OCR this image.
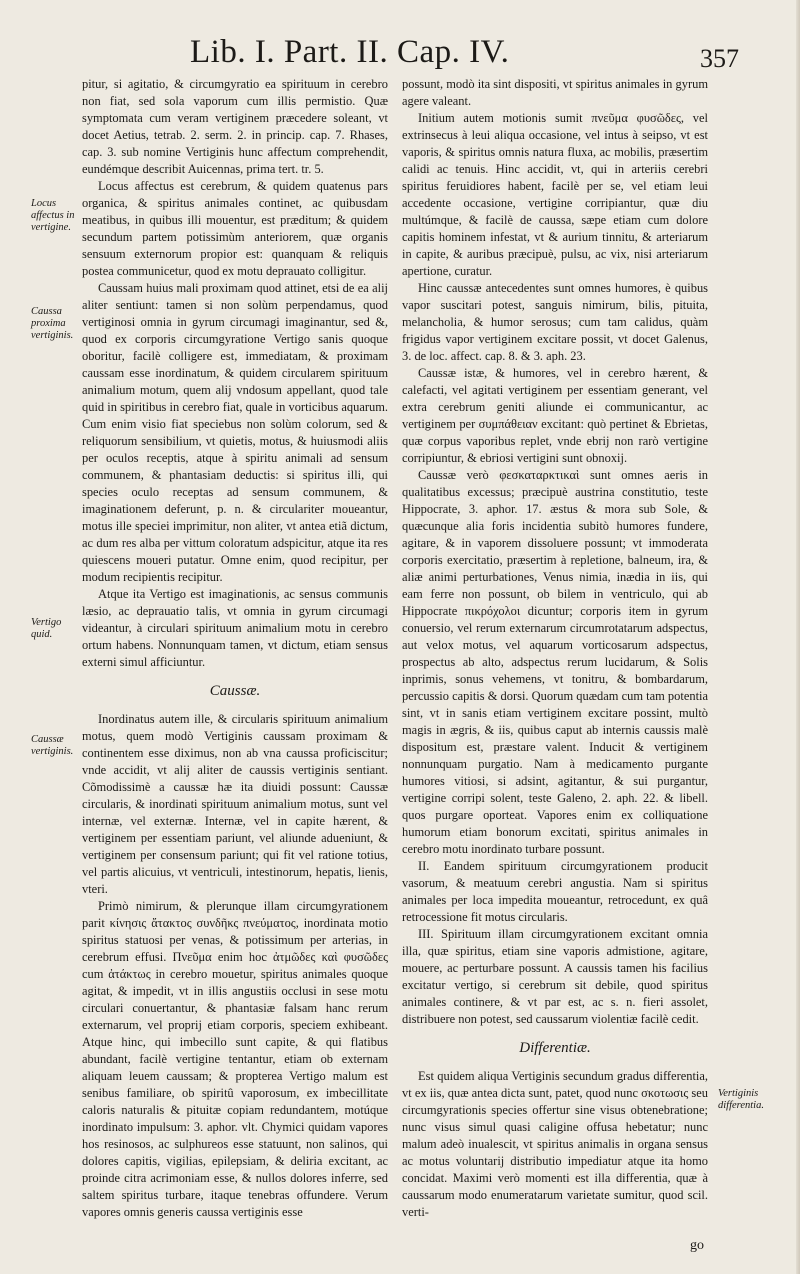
Lib. I. Part. II. Cap. IV.	357

pitur, si agitatio, & circumgyratio ea spirituum in cerebro non fiat, sed sola vaporum cum illis permistio. Quæ symptomata cum veram vertiginem præcedere soleant, vt docet Aetius, tetrab. 2. serm. 2. in princip. cap. 7. Rhases, cap. 3. sub nomine Vertiginis hunc affectum comprehendit, eundémque describit Auicennas, prima tert. tr. 5.

Locus affectus est cerebrum, & quidem quatenus pars organica, & spiritus animales continet, ac quibusdam meatibus, in quibus illi mouentur, est præditum; & quidem secundum partem potissimùm anteriorem, quæ organis sensuum externorum propior est: quanquam & reliquis postea communicetur, quod ex motu deprauato colligitur.

Caussam huius mali proximam quod attinet, etsi de ea alij aliter sentiunt: tamen si non solùm perpendamus, quod vertiginosi omnia in gyrum circumagi imaginantur, sed &, quod ex corporis circumgyratione Vertigo sanis quoque oboritur, facilè colligere est, immediatam, & proximam caussam esse inordinatum, & quidem circularem spirituum animalium motum, quem alij vndosum appellant, quod tale quid in spiritibus in cerebro fiat, quale in vorticibus aquarum. Cum enim visio fiat speciebus non solùm colorum, sed & reliquorum sensibilium, vt quietis, motus, & huiusmodi aliis per oculos receptis, atque à spiritu animali ad sensum communem, & phantasiam deductis: si spiritus illi, qui species oculo receptas ad sensum communem, & imaginationem deferunt, p. n. & circulariter moueantur, motus ille speciei imprimitur, non aliter, vt antea etiã dictum, ac dum res alba per vittum coloratum adspicitur, atque ita res quiescens moueri putatur. Omne enim, quod recipitur, per modum recipientis recipitur.

Atque ita Vertigo est imaginationis, ac sensus communis læsio, ac deprauatio talis, vt omnia in gyrum circumagi videantur, à circulari spirituum animalium motu in cerebro ortum habens. Nonnunquam tamen, vt dictum, etiam sensus externi simul afficiuntur.

Caussæ.

Inordinatus autem ille, & circularis spirituum animalium motus, quem modò Vertiginis caussam proximam & continentem esse diximus, non ab vna caussa proficiscitur; vnde accidit, vt alij aliter de caussis vertiginis sentiant. Cõmodissimè a caussæ hæ ita diuidi possunt: Caussæ circularis, & inordinati spirituum animalium motus, sunt vel internæ, vel externæ. Internæ, vel in capite hærent, & vertiginem per essentiam pariunt, vel aliunde adueniunt, & vertiginem per consensum pariunt; qui fit vel ratione totius, vel partis alicuius, vt ventriculi, intestinorum, hepatis, lienis, vteri.

Primò nimirum, & plerunque illam circumgyrationem parit κίνησις ἄτακτος συνδῆκς πνεύματος, inordinata motio spiritus statuosi per venas, & potissimum per arterias, in cerebrum effusi. Πνεῦμα enim hoc ἀτμῶδες καὶ φυσῶδες cum ἀτάκτως in cerebro mouetur, spiritus animales quoque agitat, & impedit, vt in illis angustiis occlusi in sese motu circulari conuertantur, & phantasiæ falsam hanc rerum externarum, vel proprij etiam corporis, speciem exhibeant. Atque hinc, qui imbecillo sunt capite, & qui flatibus abundant, facilè vertigine tentantur, etiam ob externam aliquam leuem caussam; & propterea Vertigo malum est senibus familiare, ob spiritû vaporosum, ex imbecillitate caloris naturalis & pituitæ copiam redundantem, motúque inordinato impulsum: 3. aphor. vlt. Chymici quidam vapores hos resinosos, ac sulphureos esse statuunt, non salinos, qui dolores capitis, vigilias, epilepsiam, & deliria excitant, ac proinde citra acrimoniam esse, & nullos dolores inferre, sed saltem spiritus turbare, itaque tenebras offundere. Verum vapores omnis generis caussa vertiginis esse

possunt, modò ita sint dispositi, vt spiritus animales in gyrum agere valeant.

Initium autem motionis sumit πνεῦμα φυσῶδες, vel extrinsecus à leui aliqua occasione, vel intus à seipso, vt est vaporis, & spiritus omnis natura fluxa, ac mobilis, præsertim calidi ac tenuis. Hinc accidit, vt, qui in arteriis cerebri spiritus feruidiores habent, facilè per se, vel etiam leui accedente occasione, vertigine corripiantur, quæ diu multúmque, & facilè de caussa, sæpe etiam cum dolore capitis hominem infestat, vt & aurium tinnitu, & arteriarum in capite, & auribus præcipuè, pulsu, ac vix, nisi arteriarum apertione, curatur.

Hinc caussæ antecedentes sunt omnes humores, è quibus vapor suscitari potest, sanguis nimirum, bilis, pituita, melancholia, & humor serosus; cum tam calidus, quàm frigidus vapor vertiginem excitare possit, vt docet Galenus, 3. de loc. affect. cap. 8. & 3. aph. 23.

Caussæ istæ, & humores, vel in cerebro hærent, & calefacti, vel agitati vertiginem per essentiam generant, vel extra cerebrum geniti aliunde ei communicantur, ac vertiginem per συμπάθειαν excitant: quò pertinet & Ebrietas, quæ corpus vaporibus replet, vnde ebrij non rarò vertigine corripiuntur, & ebriosi vertigini sunt obnoxij.

Caussæ verò φεσκαταρκτικαὶ sunt omnes aeris in qualitatibus excessus; præcipuè austrina constitutio, teste Hippocrate, 3. aphor. 17. æstus & mora sub Sole, & quæcunque alia foris incidentia subitò humores fundere, agitare, & in vaporem dissoluere possunt; vt immoderata corporis exercitatio, præsertim à repletione, balneum, ira, & aliæ animi perturbationes, Venus nimia, inædia in iis, qui eam ferre non possunt, ob bilem in ventriculo, qui ab Hippocrate πικρόχολοι dicuntur; corporis item in gyrum conuersio, vel rerum externarum circumrotatarum adspectus, aut velox motus, vel aquarum vorticosarum adspectus, prospectus ab alto, adspectus rerum lucidarum, & Solis inprimis, sonus vehemens, vt tonitru, & bombardarum, percussio capitis & dorsi. Quorum quædam cum tam potentia sint, vt in sanis etiam vertiginem excitare possint, multò magis in ægris, & iis, quibus caput ab internis caussis malè dispositum est, præstare valent. Inducit & vertiginem nonnunquam purgatio. Nam à medicamento purgante humores vitiosi, si adsint, agitantur, & sui purgantur, vertigine corripi solent, teste Galeno, 2. aph. 22. & libell. quos purgare oporteat. Vapores enim ex colliquatione humorum etiam bonorum excitati, spiritus animales in cerebro motu inordinato turbare possunt.

II. Eandem spirituum circumgyrationem producit vasorum, & meatuum cerebri angustia. Nam si spiritus animales per loca impedita moueantur, retrocedunt, ex quâ retrocessione fit motus circularis.

III. Spirituum illam circumgyrationem excitant omnia illa, quæ spiritus, etiam sine vaporis admistione, agitare, mouere, ac perturbare possunt. A caussis tamen his facilius excitatur vertigo, si cerebrum sit debile, quod spiritus animales continere, & vt par est, ac s. n. fieri assolet, distribuere non potest, sed caussarum violentiæ facilè cedit.

Differentiæ.

Est quidem aliqua Vertiginis secundum gradus differentia, vt ex iis, quæ antea dicta sunt, patet, quod nunc σκοτωσις seu circumgyrationis species offertur sine visus obtenebratione; nunc visus simul quasi caligine offusa hebetatur; nunc malum adeò inualescit, vt spiritus animalis in organa sensus ac motus voluntarij distributio impediatur atque ita homo concidat. Maximi verò momenti est illa differentia, quæ à caussarum modo enumeratarum varietate sumitur, quod scil. verti-

Locus affectus in vertigine.
Caussa proxima vertiginis.
Vertigo quid.
Caussæ vertiginis.
Vertiginis differentia.
go
